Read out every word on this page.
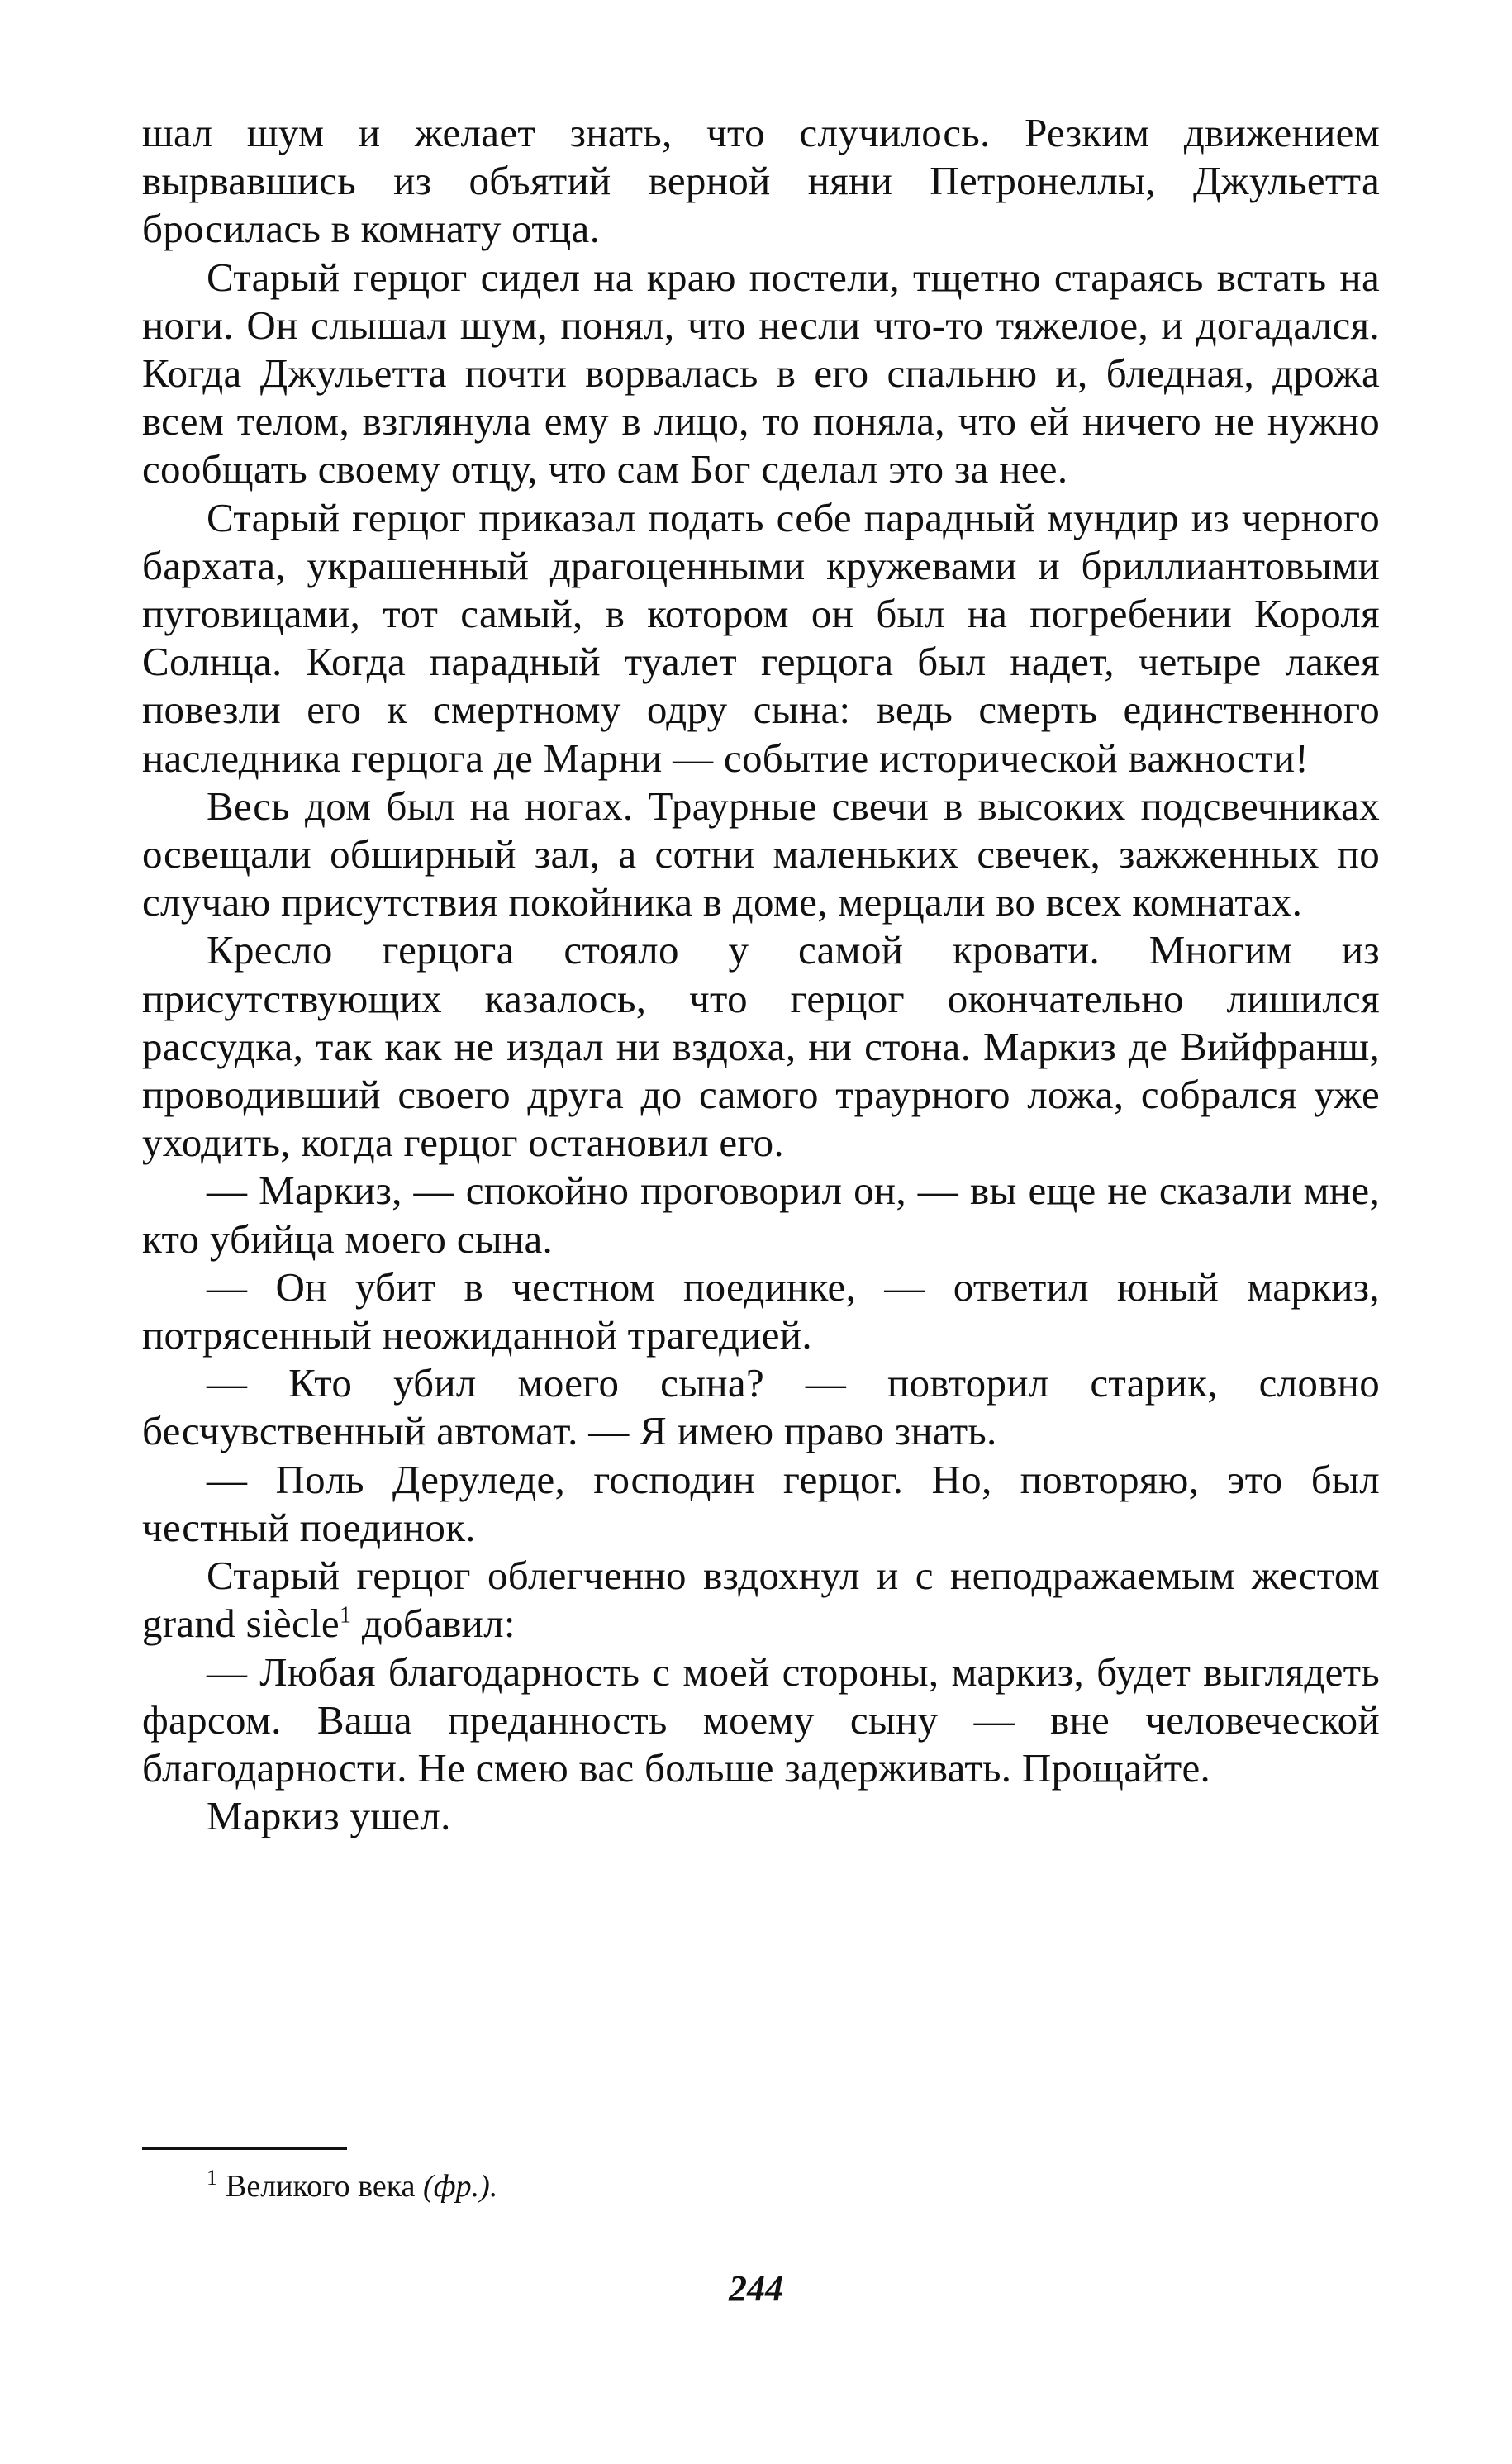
шал шум и желает знать, что случилось. Резким движением вырвавшись из объятий верной няни Петронеллы, Джульетта бросилась в комнату отца.

Старый герцог сидел на краю постели, тщетно стараясь встать на ноги. Он слышал шум, понял, что несли что-то тяжелое, и догадался. Когда Джульетта почти ворвалась в его спальню и, бледная, дрожа всем телом, взглянула ему в лицо, то поняла, что ей ничего не нужно сообщать своему отцу, что сам Бог сделал это за нее.

Старый герцог приказал подать себе парадный мундир из черного бархата, украшенный драгоценными кружевами и бриллиантовыми пуговицами, тот самый, в котором он был на погребении Короля Солнца. Когда парадный туалет герцога был надет, четыре лакея повезли его к смертному одру сына: ведь смерть единственного наследника герцога де Марни — событие исторической важности!

Весь дом был на ногах. Траурные свечи в высоких подсвечниках освещали обширный зал, а сотни маленьких свечек, зажженных по случаю присутствия покойника в доме, мерцали во всех комнатах.

Кресло герцога стояло у самой кровати. Многим из присутствующих казалось, что герцог окончательно лишился рассудка, так как не издал ни вздоха, ни стона. Маркиз де Вийфранш, проводивший своего друга до самого траурного ложа, собрался уже уходить, когда герцог остановил его.

— Маркиз, — спокойно проговорил он, — вы еще не сказали мне, кто убийца моего сына.

— Он убит в честном поединке, — ответил юный маркиз, потрясенный неожиданной трагедией.

— Кто убил моего сына? — повторил старик, словно бесчувственный автомат. — Я имею право знать.

— Поль Деруледе, господин герцог. Но, повторяю, это был честный поединок.

Старый герцог облегченно вздохнул и с неподражаемым жестом grand siècle$^1$ добавил:

— Любая благодарность с моей стороны, маркиз, будет выглядеть фарсом. Ваша преданность моему сыну — вне человеческой благодарности. Не смею вас больше задерживать. Прощайте.

Маркиз ушел.

$^1$ Великого века (фр.).
244
